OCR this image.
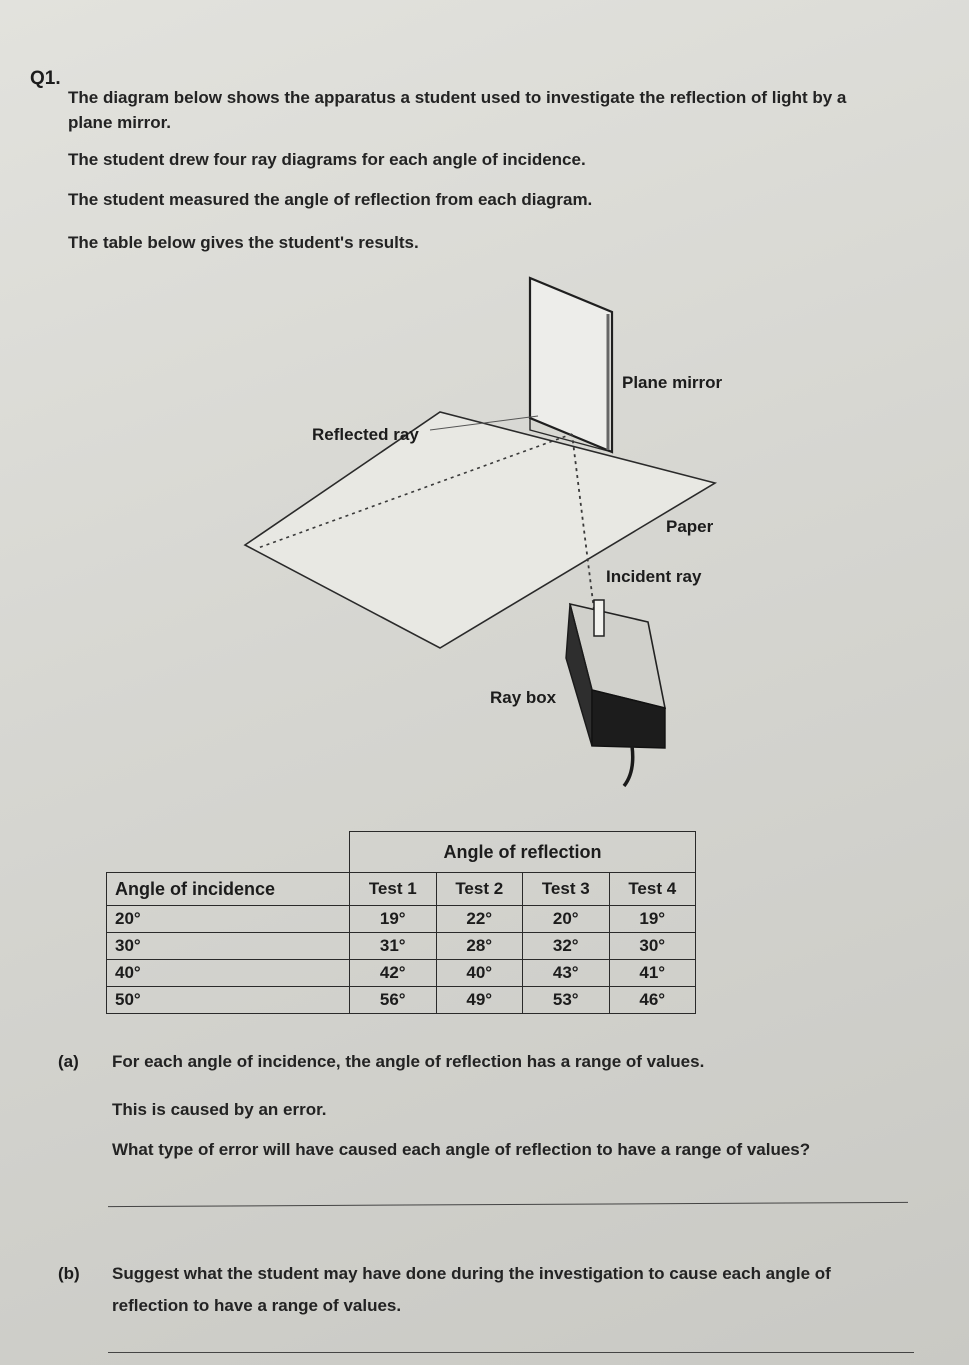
Q1.

The diagram below shows the apparatus a student used to investigate the reflection of light by a

plane mirror.

The student drew four ray diagrams for each angle of incidence.

The student measured the angle of reflection from each diagram.

The table below gives the student's results.

Plane mirror
Reflected ray
Paper
Incident ray
Ray box
	Angle of reflection			
Angle of incidence	Test 1	Test 2	Test 3	Test 4
20°	19°	22°	20°	19°
30°	31°	28°	32°	30°
40°	42°	40°	43°	41°
50°	56°	49°	53°	46°

(a) For each angle of incidence, the angle of reflection has a range of values.

This is caused by an error.

What type of error will have caused each angle of reflection to have a range of values?

(b) Suggest what the student may have done during the investigation to cause each angle of

reflection to have a range of values.
